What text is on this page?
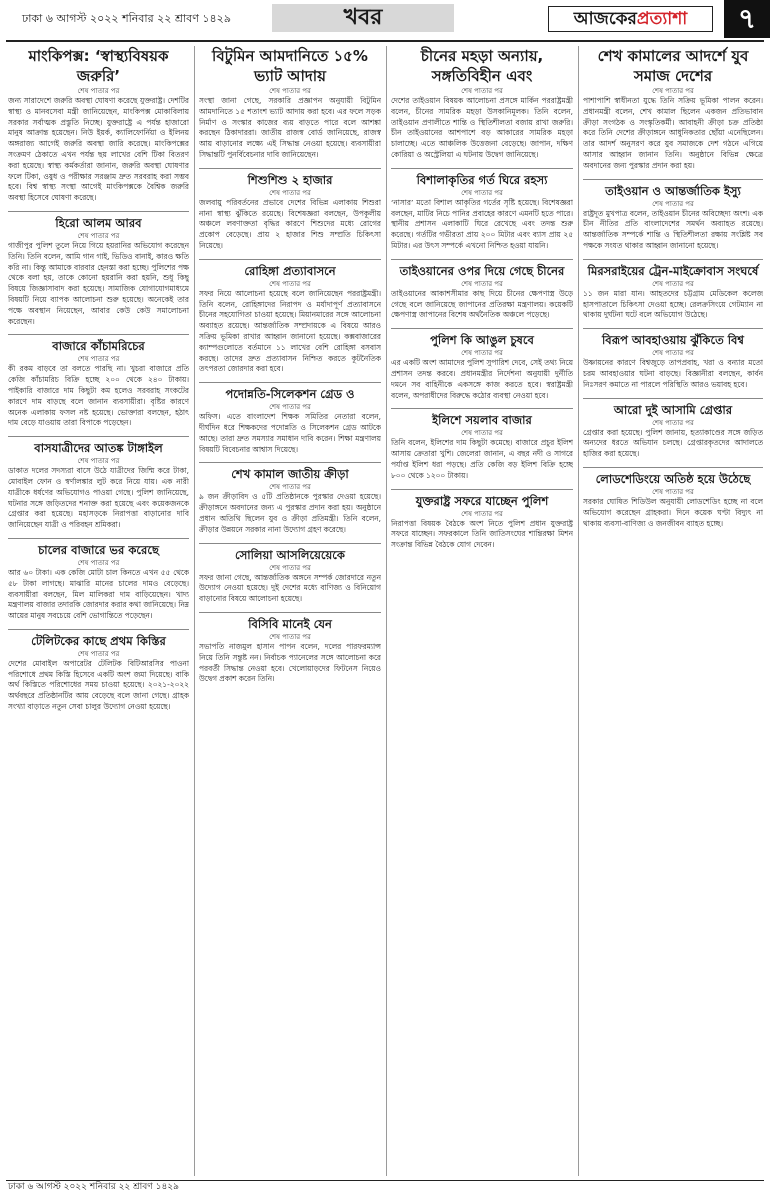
ঢাকা ৬ আগস্ট ২০২২ শনিবার ২২ শ্রাবণ ১৪২৯	খবর	আজকেরপ্রত্যাশা	৭
মাংকিপক্স: ‘স্বাস্থ্যবিষয়ক জরুরি’
শেষ পাতার পর

জন্য সারাদেশে জরুরি অবস্থা ঘোষণা করেছে যুক্তরাষ্ট্র। দেশটির স্বাস্থ্য ও মানবসেবা মন্ত্রী জানিয়েছেন, মাংকিপক্স মোকাবিলায় সরকার সর্বাত্মক প্রস্তুতি নিচ্ছে। যুক্তরাষ্ট্রে এ পর্যন্ত হাজারো মানুষ আক্রান্ত হয়েছেন। নিউ ইয়র্ক, ক্যালিফোর্নিয়া ও ইলিনয় অঙ্গরাজ্য আগেই জরুরি অবস্থা জারি করেছে। মাংকিপক্সের সংক্রমণ ঠেকাতে এখন পর্যন্ত ছয় লাখের বেশি টিকা বিতরণ করা হয়েছে। স্বাস্থ্য কর্মকর্তারা জানান, জরুরি অবস্থা ঘোষণার ফলে টিকা, ওষুধ ও পরীক্ষার সরঞ্জাম দ্রুত সরবরাহ করা সম্ভব হবে। বিশ্ব স্বাস্থ্য সংস্থা আগেই মাংকিপক্সকে বৈশ্বিক জরুরি অবস্থা হিসেবে ঘোষণা করেছে।

হিরো আলম আরব
শেষ পাতার পর

গাজীপুর পুলিশ তুলে নিয়ে গিয়ে হয়রানির অভিযোগ করেছেন তিনি। তিনি বলেন, আমি গান গাই, ভিডিও বানাই, কারও ক্ষতি করি না। কিন্তু আমাকে বারবার হেনস্তা করা হচ্ছে। পুলিশের পক্ষ থেকে বলা হয়, তাকে কোনো হয়রানি করা হয়নি, শুধু কিছু বিষয়ে জিজ্ঞাসাবাদ করা হয়েছে। সামাজিক যোগাযোগমাধ্যমে বিষয়টি নিয়ে ব্যাপক আলোচনা শুরু হয়েছে। অনেকেই তার পক্ষে অবস্থান নিয়েছেন, আবার কেউ কেউ সমালোচনা করেছেন।

বাজারে কাঁচামরিচের
শেষ পাতার পর

কী রকম বাড়বে তা বলতে পারছি না। খুচরা বাজারে প্রতি কেজি কাঁচামরিচ বিক্রি হচ্ছে ২০০ থেকে ২৪০ টাকায়। পাইকারি বাজারে দাম কিছুটা কম হলেও সরবরাহ সংকটের কারণে দাম বাড়ছে বলে জানান ব্যবসায়ীরা। বৃষ্টির কারণে অনেক এলাকায় ফসল নষ্ট হয়েছে। ভোক্তারা বলছেন, হঠাৎ দাম বেড়ে যাওয়ায় তারা বিপাকে পড়েছেন।

বাসযাত্রীদের আতঙ্ক টাঙ্গাইল
শেষ পাতার পর

ডাকাত দলের সদস্যরা বাসে উঠে যাত্রীদের জিম্মি করে টাকা, মোবাইল ফোন ও স্বর্ণালঙ্কার লুট করে নিয়ে যায়। এক নারী যাত্রীকে ধর্ষণের অভিযোগও পাওয়া গেছে। পুলিশ জানিয়েছে, ঘটনার সঙ্গে জড়িতদের শনাক্ত করা হয়েছে এবং কয়েকজনকে গ্রেপ্তার করা হয়েছে। মহাসড়কে নিরাপত্তা বাড়ানোর দাবি জানিয়েছেন যাত্রী ও পরিবহন শ্রমিকরা।

চালের বাজারে ভর করেছে
শেষ পাতার পর

আর ৬০ টাকা। এক কেজি মোটা চাল কিনতে এখন ৫৫ থেকে ৫৮ টাকা লাগছে। মাঝারি মানের চালের দামও বেড়েছে। ব্যবসায়ীরা বলছেন, মিল মালিকরা দাম বাড়িয়েছেন। খাদ্য মন্ত্রণালয় বাজার তদারকি জোরদার করার কথা জানিয়েছে। নিম্ন আয়ের মানুষ সবচেয়ে বেশি ভোগান্তিতে পড়েছেন।

টেলিটকের কাছে প্রথম কিস্তির
শেষ পাতার পর

দেশের মোবাইল অপারেটর টেলিটক বিটিআরসির পাওনা পরিশোধে প্রথম কিস্তি হিসেবে একটি অংশ জমা দিয়েছে। বাকি অর্থ কিস্তিতে পরিশোধের সময় চাওয়া হয়েছে। ২০২১-২০২২ অর্থবছরে প্রতিষ্ঠানটির আয় বেড়েছে বলে জানা গেছে। গ্রাহক সংখ্যা বাড়াতে নতুন সেবা চালুর উদ্যোগ নেওয়া হয়েছে।

বিটুমিন আমদানিতে ১৫% ভ্যাট আদায়
শেষ পাতার পর

সংস্থা জানা গেছে, সরকারি প্রজ্ঞাপন অনুযায়ী বিটুমিন আমদানিতে ১৫ শতাংশ ভ্যাট আদায় করা হবে। এর ফলে সড়ক নির্মাণ ও সংস্কার কাজের ব্যয় বাড়তে পারে বলে আশঙ্কা করছেন ঠিকাদাররা। জাতীয় রাজস্ব বোর্ড জানিয়েছে, রাজস্ব আয় বাড়ানোর লক্ষ্যে এই সিদ্ধান্ত নেওয়া হয়েছে। ব্যবসায়ীরা সিদ্ধান্তটি পুনর্বিবেচনার দাবি জানিয়েছেন।

শিশুশিশু ২ হাজার
শেষ পাতার পর

জলবায়ু পরিবর্তনের প্রভাবে দেশের বিভিন্ন এলাকায় শিশুরা নানা স্বাস্থ্য ঝুঁকিতে রয়েছে। বিশেষজ্ঞরা বলছেন, উপকূলীয় অঞ্চলে লবণাক্ততা বৃদ্ধির কারণে শিশুদের মধ্যে রোগের প্রকোপ বেড়েছে। প্রায় ২ হাজার শিশু সম্প্রতি চিকিৎসা নিয়েছে।

রোহিঙ্গা প্রত্যাবাসনে
শেষ পাতার পর

সফর নিয়ে আলোচনা হয়েছে বলে জানিয়েছেন পররাষ্ট্রমন্ত্রী। তিনি বলেন, রোহিঙ্গাদের নিরাপদ ও মর্যাদাপূর্ণ প্রত্যাবাসনে চীনের সহযোগিতা চাওয়া হয়েছে। মিয়ানমারের সঙ্গে আলোচনা অব্যাহত রয়েছে। আন্তর্জাতিক সম্প্রদায়কে এ বিষয়ে আরও সক্রিয় ভূমিকা রাখার আহ্বান জানানো হয়েছে। কক্সবাজারের ক্যাম্পগুলোতে বর্তমানে ১১ লাখের বেশি রোহিঙ্গা বসবাস করছে। তাদের দ্রুত প্রত্যাবাসন নিশ্চিত করতে কূটনৈতিক তৎপরতা জোরদার করা হবে।

পদোন্নতি-সিলেকশন গ্রেড ও
শেষ পাতার পর

অফিস। এতে বাংলাদেশ শিক্ষক সমিতির নেতারা বলেন, দীর্ঘদিন ধরে শিক্ষকদের পদোন্নতি ও সিলেকশন গ্রেড আটকে আছে। তারা দ্রুত সমস্যার সমাধান দাবি করেন। শিক্ষা মন্ত্রণালয় বিষয়টি বিবেচনার আশ্বাস দিয়েছে।

শেখ কামাল জাতীয় ক্রীড়া
শেষ পাতার পর

৯ জন ক্রীড়াবিদ ও ৫টি প্রতিষ্ঠানকে পুরস্কার দেওয়া হয়েছে। ক্রীড়াঙ্গনে অবদানের জন্য এ পুরস্কার প্রদান করা হয়। অনুষ্ঠানে প্রধান অতিথি ছিলেন যুব ও ক্রীড়া প্রতিমন্ত্রী। তিনি বলেন, ক্রীড়ার উন্নয়নে সরকার নানা উদ্যোগ গ্রহণ করেছে।

সোলিয়া আসলিয়েয়েকে
শেষ পাতার পর

সফর জানা গেছে, আন্তর্জাতিক অঙ্গনে সম্পর্ক জোরদারে নতুন উদ্যোগ নেওয়া হয়েছে। দুই দেশের মধ্যে বাণিজ্য ও বিনিয়োগ বাড়ানোর বিষয়ে আলোচনা হয়েছে।

বিসিবি মানেই যেন
শেষ পাতার পর

সভাপতি নাজমুল হাসান পাপন বলেন, দলের পারফরম্যান্স নিয়ে তিনি সন্তুষ্ট নন। নির্বাচক প্যানেলের সঙ্গে আলোচনা করে পরবর্তী সিদ্ধান্ত নেওয়া হবে। খেলোয়াড়দের ফিটনেস নিয়েও উদ্বেগ প্রকাশ করেন তিনি।

চীনের মহড়া অন্যায়, সঙ্গতিবিহীন এবং
শেষ পাতার পর

দেশের তাইওয়ান বিষয়ক আলোচনা প্রসঙ্গে মার্কিন পররাষ্ট্রমন্ত্রী বলেন, চীনের সামরিক মহড়া উসকানিমূলক। তিনি বলেন, তাইওয়ান প্রণালীতে শান্তি ও স্থিতিশীলতা বজায় রাখা জরুরি। চীন তাইওয়ানের আশপাশে বড় আকারের সামরিক মহড়া চালাচ্ছে। এতে আঞ্চলিক উত্তেজনা বেড়েছে। জাপান, দক্ষিণ কোরিয়া ও অস্ট্রেলিয়া এ ঘটনায় উদ্বেগ জানিয়েছে।

বিশালাকৃতির গর্ত ঘিরে রহস্য
শেষ পাতার পর

‘নাসার’ মতো বিশাল আকৃতির গর্তের সৃষ্টি হয়েছে। বিশেষজ্ঞরা বলছেন, মাটির নিচে পানির প্রবাহের কারণে এমনটি হতে পারে। স্থানীয় প্রশাসন এলাকাটি ঘিরে রেখেছে এবং তদন্ত শুরু করেছে। গর্তটির গভীরতা প্রায় ২০০ মিটার এবং ব্যাস প্রায় ২৫ মিটার। এর উৎস সম্পর্কে এখনো নিশ্চিত হওয়া যায়নি।

তাইওয়ানের ওপর দিয়ে গেছে চীনের
শেষ পাতার পর

তাইওয়ানের আকাশসীমার কাছ দিয়ে চীনের ক্ষেপণাস্ত্র উড়ে গেছে বলে জানিয়েছে জাপানের প্রতিরক্ষা মন্ত্রণালয়। কয়েকটি ক্ষেপণাস্ত্র জাপানের বিশেষ অর্থনৈতিক অঞ্চলে পড়েছে।

পুলিশ কি আঙুল চুষবে
শেষ পাতার পর

এর একটি অংশ আমাদের পুলিশ সুপারিশ দেবে, সেই তথ্য নিয়ে প্রশাসন তদন্ত করবে। প্রধানমন্ত্রীর নির্দেশনা অনুযায়ী দুর্নীতি দমনে সব বাহিনীকে একসঙ্গে কাজ করতে হবে। স্বরাষ্ট্রমন্ত্রী বলেন, অপরাধীদের বিরুদ্ধে কঠোর ব্যবস্থা নেওয়া হবে।

ইলিশে সয়লাব বাজার
শেষ পাতার পর

তিনি বলেন, ইলিশের দাম কিছুটা কমেছে। বাজারে প্রচুর ইলিশ আসায় ক্রেতারা খুশি। জেলেরা জানান, এ বছর নদী ও সাগরে পর্যাপ্ত ইলিশ ধরা পড়ছে। প্রতি কেজি বড় ইলিশ বিক্রি হচ্ছে ৮০০ থেকে ১২০০ টাকায়।

যুক্তরাষ্ট্র সফরে যাচ্ছেন পুলিশ
শেষ পাতার পর

নিরাপত্তা বিষয়ক বৈঠকে অংশ নিতে পুলিশ প্রধান যুক্তরাষ্ট্র সফরে যাচ্ছেন। সফরকালে তিনি জাতিসংঘের শান্তিরক্ষা মিশন সংক্রান্ত বিভিন্ন বৈঠকে যোগ দেবেন।

শেখ কামালের আদর্শে যুব সমাজ দেশের
শেষ পাতার পর

পাশাপাশি স্বাধীনতা যুদ্ধে তিনি সক্রিয় ভূমিকা পালন করেন। প্রধানমন্ত্রী বলেন, শেখ কামাল ছিলেন একজন প্রতিভাবান ক্রীড়া সংগঠক ও সংস্কৃতিকর্মী। আবাহনী ক্রীড়া চক্র প্রতিষ্ঠা করে তিনি দেশের ক্রীড়াঙ্গনে আধুনিকতার ছোঁয়া এনেছিলেন। তার আদর্শ অনুসরণ করে যুব সমাজকে দেশ গঠনে এগিয়ে আসার আহ্বান জানান তিনি। অনুষ্ঠানে বিভিন্ন ক্ষেত্রে অবদানের জন্য পুরস্কার প্রদান করা হয়।

তাইওয়ান ও আন্তর্জাতিক ইস্যু
শেষ পাতার পর

রাষ্ট্রদূত মুখপাত্র বলেন, তাইওয়ান চীনের অবিচ্ছেদ্য অংশ। এক চীন নীতির প্রতি বাংলাদেশের সমর্থন অব্যাহত রয়েছে। আন্তর্জাতিক সম্পর্কে শান্তি ও স্থিতিশীলতা রক্ষায় সংশ্লিষ্ট সব পক্ষকে সংযত থাকার আহ্বান জানানো হয়েছে।

মিরসরাইয়ের ট্রেন-মাইক্রোবাস সংঘর্ষে
শেষ পাতার পর

১১ জন মারা যান। আহতদের চট্টগ্রাম মেডিকেল কলেজ হাসপাতালে চিকিৎসা দেওয়া হচ্ছে। রেলক্রসিংয়ে গেটম্যান না থাকায় দুর্ঘটনা ঘটে বলে অভিযোগ উঠেছে।

বিরূপ আবহাওয়ায় ঝুঁকিতে বিশ্ব
শেষ পাতার পর

উষ্ণায়নের কারণে বিশ্বজুড়ে তাপপ্রবাহ, খরা ও বন্যার মতো চরম আবহাওয়ার ঘটনা বাড়ছে। বিজ্ঞানীরা বলছেন, কার্বন নিঃসরণ কমাতে না পারলে পরিস্থিতি আরও ভয়াবহ হবে।

আরো দুই আসামি গ্রেপ্তার
শেষ পাতার পর

গ্রেপ্তার করা হয়েছে। পুলিশ জানায়, হত্যাকাণ্ডের সঙ্গে জড়িত অন্যদের ধরতে অভিযান চলছে। গ্রেপ্তারকৃতদের আদালতে হাজির করা হয়েছে।

লোডশেডিংয়ে অতিষ্ঠ হয়ে উঠেছে
শেষ পাতার পর

সরকার ঘোষিত শিডিউল অনুযায়ী লোডশেডিং হচ্ছে না বলে অভিযোগ করেছেন গ্রাহকরা। দিনে কয়েক ঘণ্টা বিদ্যুৎ না থাকায় ব্যবসা-বাণিজ্য ও জনজীবন ব্যাহত হচ্ছে।

ঢাকা ৬ আগস্ট ২০২২ শনিবার ২২ শ্রাবণ ১৪২৯
